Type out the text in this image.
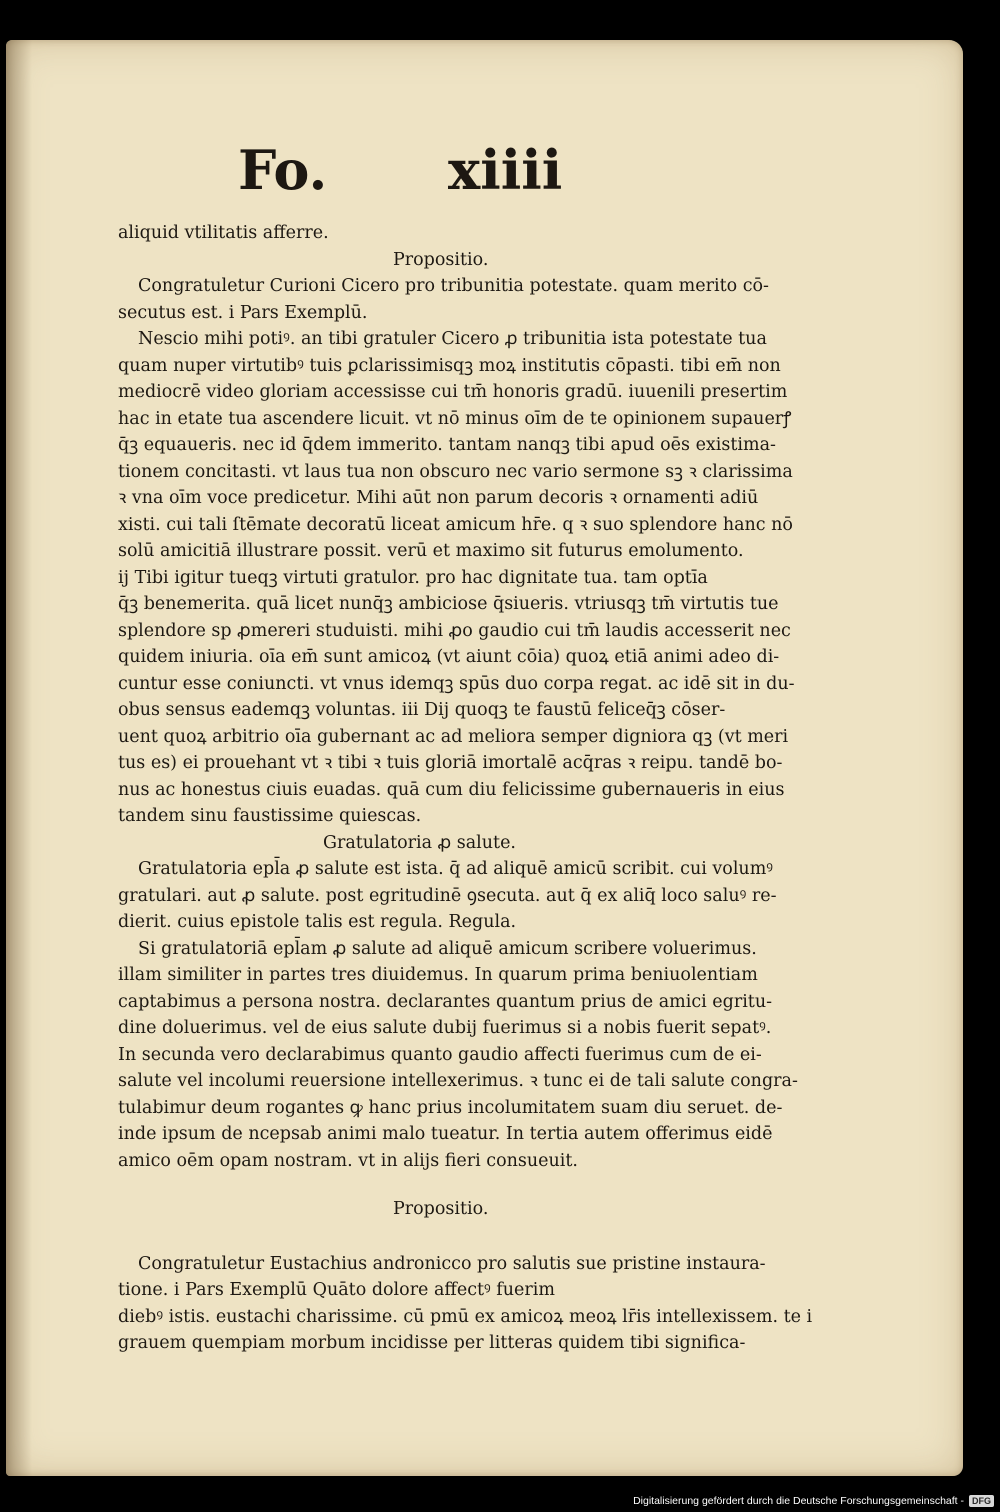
Fo. xiiii
aliquid vtilitatis afferre.
Propositio.
Congratuletur Curioni Cicero pro tribunitia potestate. quam merito cō-
secutus est. i Pars Exemplū.
Nescio mihi potiꝰ. an tibi gratuler Cicero ꝓ tribunitia ista potestate tua
quam nuper virtutibꝰ tuis ꝑclarissimisqꝫ moꝝ institutis cōpasti. tibi em̄ non
mediocrē video gloriam accessisse cui tm̄ honoris gradū. iuuenili presertim
hac in etate tua ascendere licuit. vt nō minus oīm de te opinionem supauerꝭ
q̄ꝫ equaueris. nec id q̄dem immerito. tantam nanqꝫ tibi apud oēs existima-
tionem concitasti. vt laus tua non obscuro nec vario sermone sꝫ ꝛ clarissima
ꝛ vna oīm voce predicetur. Mihi aūt non parum decoris ꝛ ornamenti adiū
xisti. cui tali ſtēmate decoratū liceat amicum hr̄e. q ꝛ suo splendore hanc nō
solū amicitiā illustrare possit. verū et maximo sit futurus emolumento.
ij Tibi igitur tueqꝫ virtuti gratulor. pro hac dignitate tua. tam optīa
q̄ꝫ benemerita. quā licet nunq̄ꝫ ambiciose q̄siueris. vtriusqꝫ tm̄ virtutis tue
splendore sp ꝓmereri studuisti. mihi ꝓo gaudio cui tm̄ laudis accesserit nec
quidem iniuria. oīa em̄ sunt amicoꝝ (vt aiunt cōia) quoꝝ etiā animi adeo di-
cuntur esse coniuncti. vt vnus idemqꝫ spūs duo corpa regat. ac idē sit in du-
obus sensus eademqꝫ voluntas. iii Dij quoqꝫ te faustū feliceq̄ꝫ cōser-
uent quoꝝ arbitrio oīa gubernant ac ad meliora semper digniora qꝫ (vt meri
tus es) ei prouehant vt ꝛ tibi ꝛ tuis gloriā imortalē acq̄ras ꝛ reipu. tandē bo-
nus ac honestus ciuis euadas. quā cum diu felicissime gubernaueris in eius
tandem sinu faustissime quiescas.
Gratulatoria ꝓ salute.
Gratulatoria epl̄a ꝓ salute est ista. q̄ ad aliquē amicū scribit. cui volumꝰ
gratulari. aut ꝓ salute. post egritudinē ꝯsecuta. aut q̄ ex aliq̄ loco saluꝰ re-
dierit. cuius epistole talis est regula. Regula.
Si gratulatoriā epl̄am ꝓ salute ad aliquē amicum scribere voluerimus.
illam similiter in partes tres diuidemus. In quarum prima beniuolentiam
captabimus a persona nostra. declarantes quantum prius de amici egritu-
dine doluerimus. vel de eius salute dubij fuerimus si a nobis fuerit sepatꝰ.
In secunda vero declarabimus quanto gaudio affecti fuerimus cum de ei-
salute vel incolumi reuersione intellexerimus. ꝛ tunc ei de tali salute congra-
tulabimur deum rogantes ꝙ hanc prius incolumitatem suam diu seruet. de-
inde ipsum de ncepsab animi malo tueatur. In tertia autem offerimus eidē
amico oēm opam nostram. vt in alijs fieri consueuit.
Propositio.
Congratuletur Eustachius andronicco pro salutis sue pristine instaura-
tione. i Pars Exemplū Quāto dolore affectꝰ fuerim
diebꝰ istis. eustachi charissime. cū pmū ex amicoꝝ meoꝝ lr̄is intellexissem. te i
grauem quempiam morbum incidisse per litteras quidem tibi significa-
Digitalisierung gefördert durch die Deutsche Forschungsgemeinschaft - DFG
